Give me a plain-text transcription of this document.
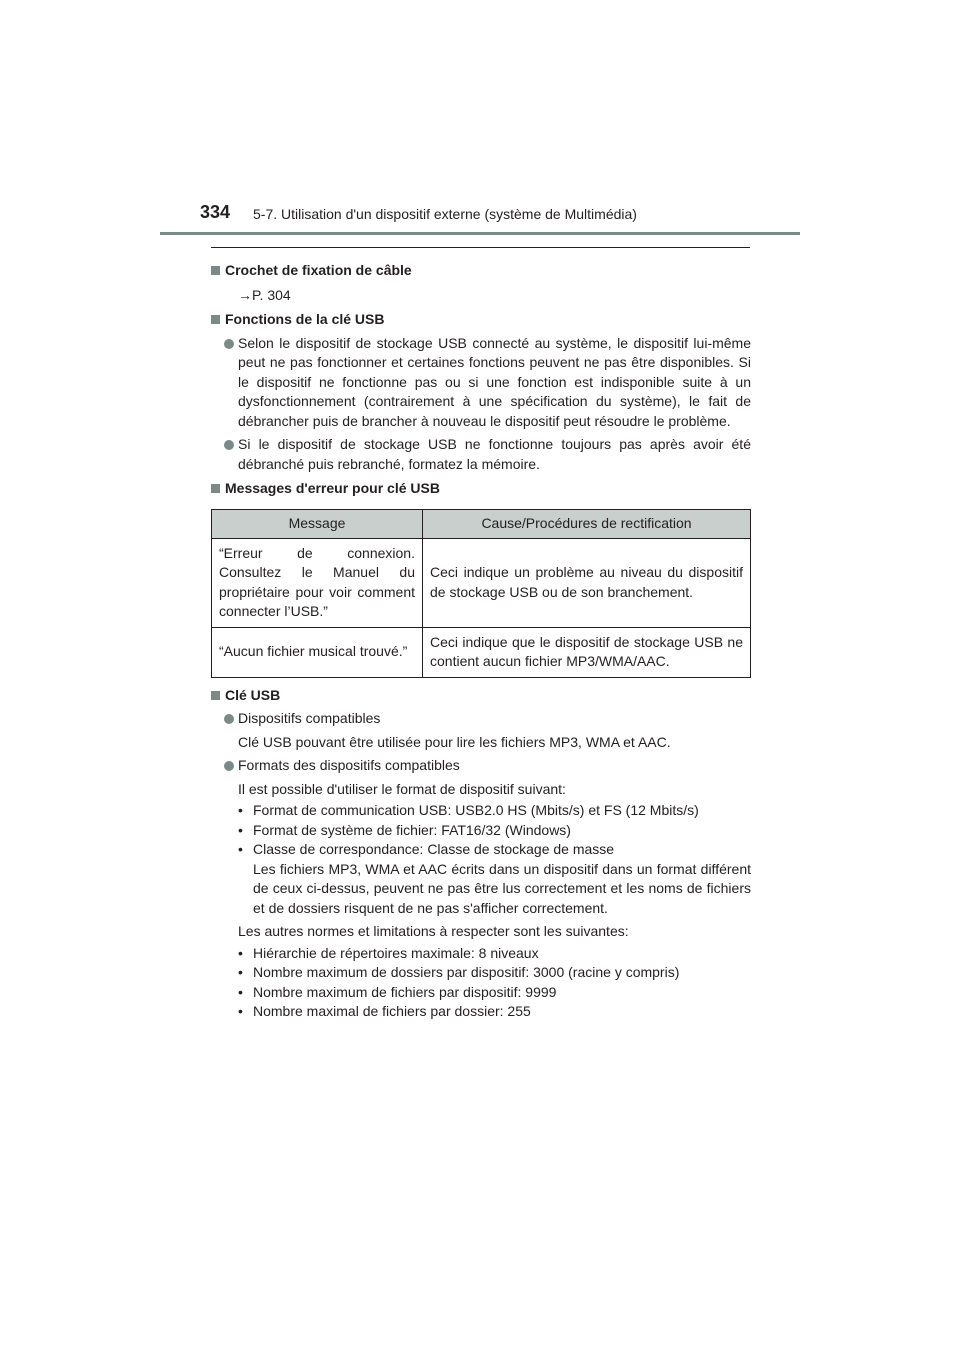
334 5-7. Utilisation d'un dispositif externe (système de Multimédia)
Crochet de fixation de câble
→P. 304
Fonctions de la clé USB
Selon le dispositif de stockage USB connecté au système, le dispositif lui-même peut ne pas fonctionner et certaines fonctions peuvent ne pas être disponibles. Si le dispositif ne fonctionne pas ou si une fonction est indisponible suite à un dysfonctionnement (contrairement à une spécification du système), le fait de débrancher puis de brancher à nouveau le dispositif peut résoudre le problème.
Si le dispositif de stockage USB ne fonctionne toujours pas après avoir été débranché puis rebranché, formatez la mémoire.
Messages d'erreur pour clé USB
Message	Cause/Procédures de rectification
“Erreur de connexion. Consultez le Manuel du propriétaire pour voir comment connecter l’USB.”	Ceci indique un problème au niveau du dispositif de stockage USB ou de son branchement.
“Aucun fichier musical trouvé.”	Ceci indique que le dispositif de stockage USB ne contient aucun fichier MP3/WMA/AAC.
Clé USB
Dispositifs compatibles
Clé USB pouvant être utilisée pour lire les fichiers MP3, WMA et AAC.
Formats des dispositifs compatibles
Il est possible d'utiliser le format de dispositif suivant:
• Format de communication USB: USB2.0 HS (Mbits/s) et FS (12 Mbits/s)
• Format de système de fichier: FAT16/32 (Windows)
• Classe de correspondance: Classe de stockage de masse
Les fichiers MP3, WMA et AAC écrits dans un dispositif dans un format différent de ceux ci-dessus, peuvent ne pas être lus correctement et les noms de fichiers et de dossiers risquent de ne pas s'afficher correctement.
Les autres normes et limitations à respecter sont les suivantes:
• Hiérarchie de répertoires maximale: 8 niveaux
• Nombre maximum de dossiers par dispositif: 3000 (racine y compris)
• Nombre maximum de fichiers par dispositif: 9999
• Nombre maximal de fichiers par dossier: 255
